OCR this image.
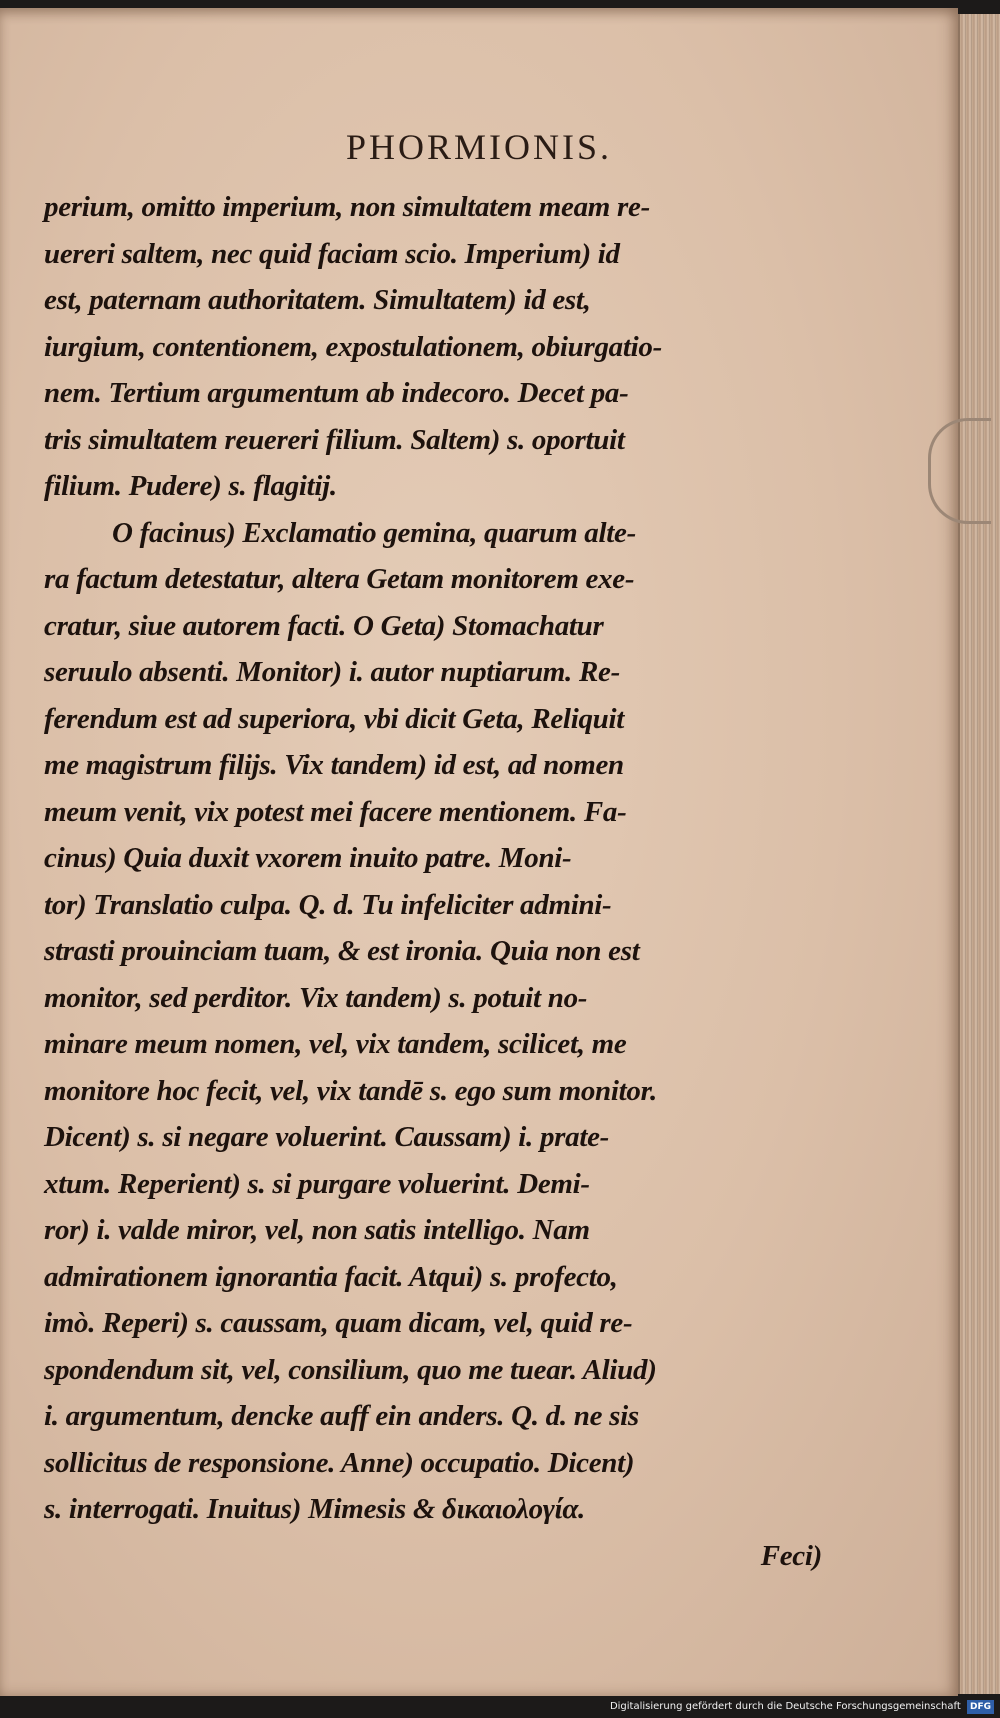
PHORMIONIS.
perium, omitto imperium, non simultatem meam re-
uereri saltem, nec quid faciam scio. Imperium) id
est, paternam authoritatem. Simultatem) id est,
iurgium, contentionem, expostulationem, obiurgatio-
nem. Tertium argumentum ab indecoro. Decet pa-
tris simultatem reuereri filium. Saltem) s. oportuit
filium. Pudere) s. flagitij.
O facinus) Exclamatio gemina, quarum alte-
ra factum detestatur, altera Getam monitorem exe-
cratur, siue autorem facti. O Geta) Stomachatur
seruulo absenti. Monitor) i. autor nuptiarum. Re-
ferendum est ad superiora, vbi dicit Geta, Reliquit
me magistrum filijs. Vix tandem) id est, ad nomen
meum venit, vix potest mei facere mentionem. Fa-
cinus) Quia duxit vxorem inuito patre. Moni-
tor) Translatio culpa. Q. d. Tu infeliciter admini-
strasti prouinciam tuam, & est ironia. Quia non est
monitor, sed perditor. Vix tandem) s. potuit no-
minare meum nomen, vel, vix tandem, scilicet, me
monitore hoc fecit, vel, vix tandē s. ego sum monitor.
Dicent) s. si negare voluerint. Caussam) i. prate-
xtum. Reperient) s. si purgare voluerint. Demi-
ror) i. valde miror, vel, non satis intelligo. Nam
admirationem ignorantia facit. Atqui) s. profecto,
imò. Reperi) s. caussam, quam dicam, vel, quid re-
spondendum sit, vel, consilium, quo me tuear. Aliud)
i. argumentum, dencke auff ein anders. Q. d. ne sis
sollicitus de responsione. Anne) occupatio. Dicent)
s. interrogati. Inuitus) Mimesis & δικαιολογία.
Feci)
Digitalisierung gefördert durch die Deutsche Forschungsgemeinschaft DFG
